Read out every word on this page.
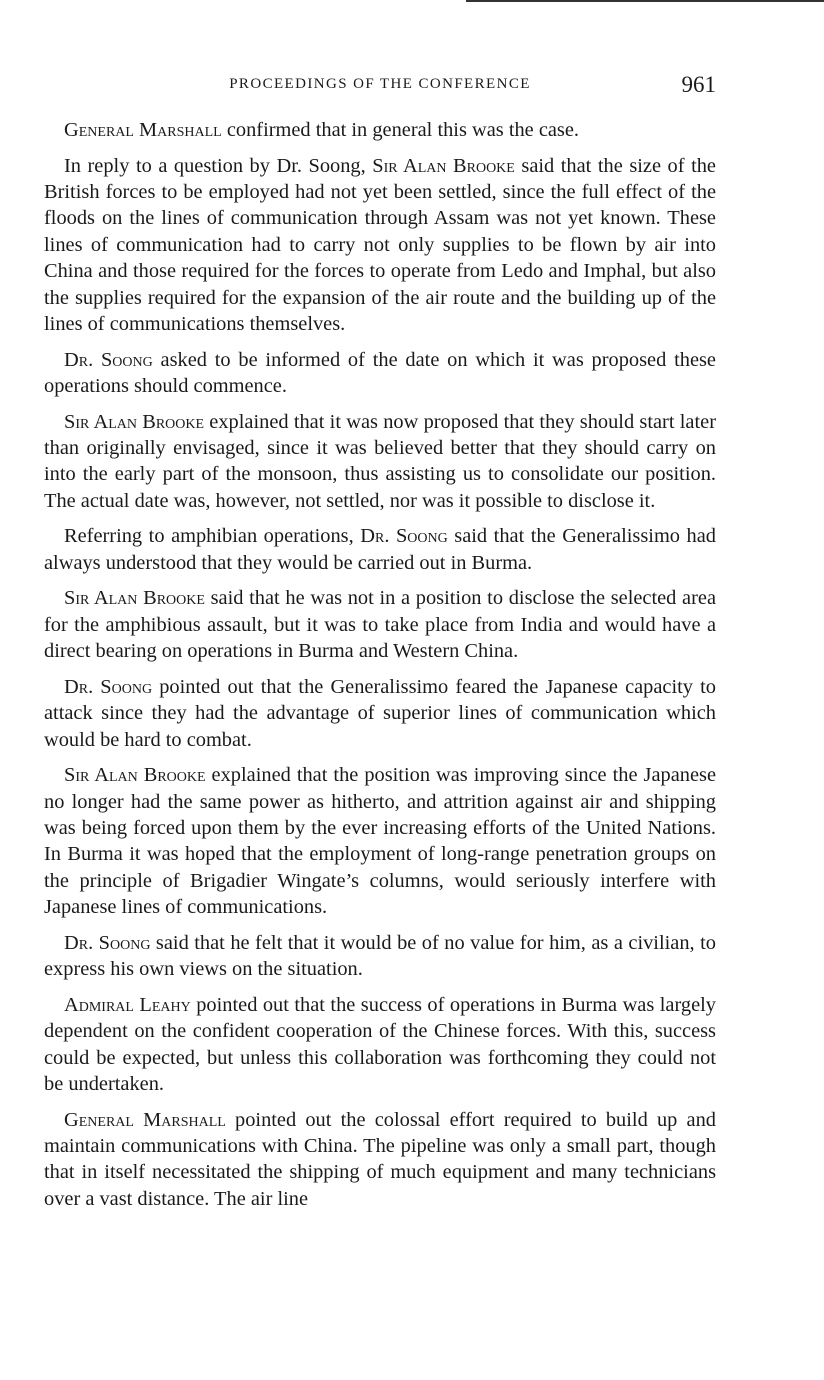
PROCEEDINGS OF THE CONFERENCE	961

General Marshall confirmed that in general this was the case.

In reply to a question by Dr. Soong, Sir Alan Brooke said that the size of the British forces to be employed had not yet been settled, since the full effect of the floods on the lines of communication through Assam was not yet known. These lines of communication had to carry not only supplies to be flown by air into China and those required for the forces to operate from Ledo and Imphal, but also the supplies required for the expansion of the air route and the building up of the lines of communications themselves.

Dr. Soong asked to be informed of the date on which it was proposed these operations should commence.

Sir Alan Brooke explained that it was now proposed that they should start later than originally envisaged, since it was believed better that they should carry on into the early part of the monsoon, thus assisting us to consolidate our position. The actual date was, however, not settled, nor was it possible to disclose it.

Referring to amphibian operations, Dr. Soong said that the Generalissimo had always understood that they would be carried out in Burma.

Sir Alan Brooke said that he was not in a position to disclose the selected area for the amphibious assault, but it was to take place from India and would have a direct bearing on operations in Burma and Western China.

Dr. Soong pointed out that the Generalissimo feared the Japanese capacity to attack since they had the advantage of superior lines of communication which would be hard to combat.

Sir Alan Brooke explained that the position was improving since the Japanese no longer had the same power as hitherto, and attrition against air and shipping was being forced upon them by the ever increasing efforts of the United Nations. In Burma it was hoped that the employment of long-range penetration groups on the principle of Brigadier Wingate’s columns, would seriously interfere with Japanese lines of communications.

Dr. Soong said that he felt that it would be of no value for him, as a civilian, to express his own views on the situation.

Admiral Leahy pointed out that the success of operations in Burma was largely dependent on the confident cooperation of the Chinese forces. With this, success could be expected, but unless this collaboration was forthcoming they could not be undertaken.

General Marshall pointed out the colossal effort required to build up and maintain communications with China. The pipeline was only a small part, though that in itself necessitated the shipping of much equipment and many technicians over a vast distance. The air line
